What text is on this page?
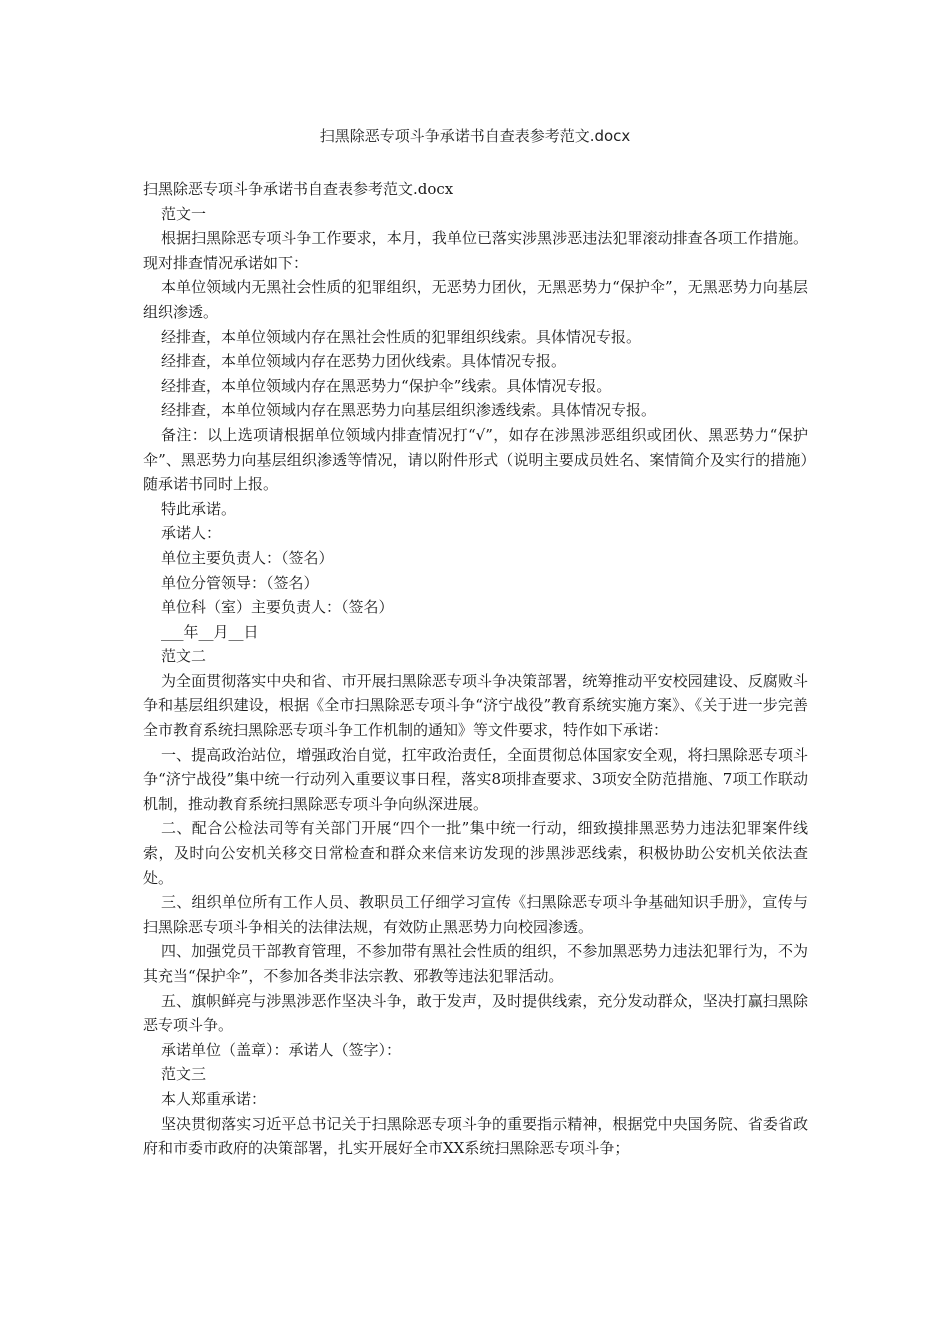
扫黑除恶专项斗争承诺书自查表参考范文.docx
扫黑除恶专项斗争承诺书自查表参考范文.docx
范文一
根据扫黑除恶专项斗争工作要求，本月，我单位已落实涉黑涉恶违法犯罪滚动排查各项工作措施。现对排查情况承诺如下：
本单位领域内无黑社会性质的犯罪组织，无恶势力团伙，无黑恶势力“保护伞”，无黑恶势力向基层组织渗透。
经排查，本单位领域内存在黑社会性质的犯罪组织线索。具体情况专报。
经排查，本单位领域内存在恶势力团伙线索。具体情况专报。
经排查，本单位领域内存在黑恶势力“保护伞”线索。具体情况专报。
经排查，本单位领域内存在黑恶势力向基层组织渗透线索。具体情况专报。
备注：以上选项请根据单位领域内排查情况打“√”，如存在涉黑涉恶组织或团伙、黑恶势力“保护伞”、黑恶势力向基层组织渗透等情况，请以附件形式（说明主要成员姓名、案情简介及实行的措施）随承诺书同时上报。
特此承诺。
承诺人：
单位主要负责人：（签名）
单位分管领导：（签名）
单位科（室）主要负责人：（签名）
___年__月__日
范文二
为全面贯彻落实中央和省、市开展扫黑除恶专项斗争决策部署，统筹推动平安校园建设、反腐败斗争和基层组织建设，根据《全市扫黑除恶专项斗争“济宁战役”教育系统实施方案》、《关于进一步完善全市教育系统扫黑除恶专项斗争工作机制的通知》等文件要求，特作如下承诺：
一、提高政治站位，增强政治自觉，扛牢政治责任，全面贯彻总体国家安全观，将扫黑除恶专项斗争“济宁战役”集中统一行动列入重要议事日程，落实8项排查要求、3项安全防范措施、7项工作联动机制，推动教育系统扫黑除恶专项斗争向纵深进展。
二、配合公检法司等有关部门开展“四个一批”集中统一行动，细致摸排黑恶势力违法犯罪案件线索，及时向公安机关移交日常检查和群众来信来访发现的涉黑涉恶线索，积极协助公安机关依法查处。
三、组织单位所有工作人员、教职员工仔细学习宣传《扫黑除恶专项斗争基础知识手册》，宣传与扫黑除恶专项斗争相关的法律法规，有效防止黑恶势力向校园渗透。
四、加强党员干部教育管理，不参加带有黑社会性质的组织，不参加黑恶势力违法犯罪行为，不为其充当“保护伞”，不参加各类非法宗教、邪教等违法犯罪活动。
五、旗帜鲜亮与涉黑涉恶作坚决斗争，敢于发声，及时提供线索，充分发动群众，坚决打赢扫黑除恶专项斗争。
承诺单位（盖章）：承诺人（签字）：
范文三
本人郑重承诺：
坚决贯彻落实习近平总书记关于扫黑除恶专项斗争的重要指示精神，根据党中央国务院、省委省政府和市委市政府的决策部署，扎实开展好全市XX系统扫黑除恶专项斗争；
